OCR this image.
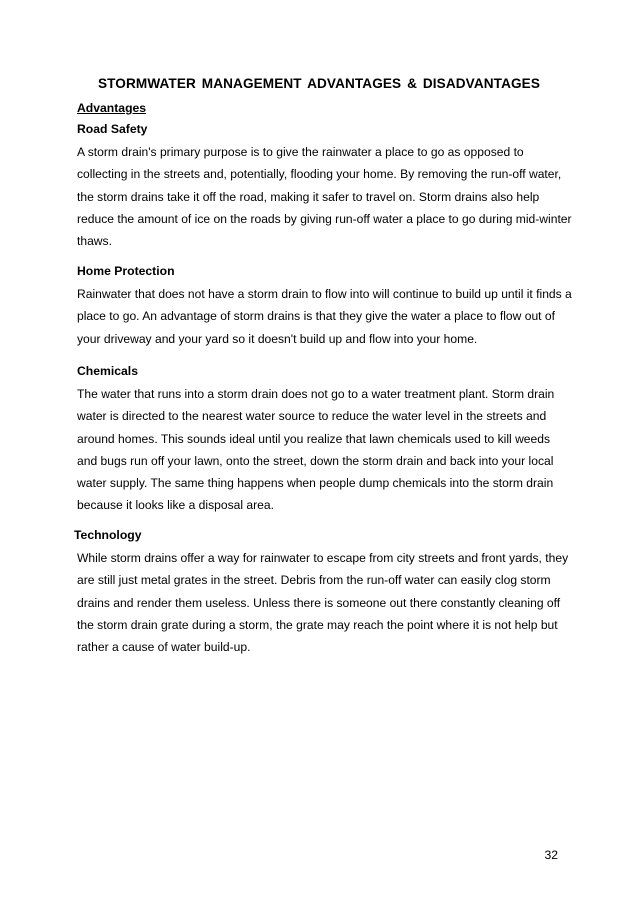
STORMWATER MANAGEMENT ADVANTAGES & DISADVANTAGES
Advantages
Road Safety
A storm drain's primary purpose is to give the rainwater a place to go as opposed to
collecting in the streets and, potentially, flooding your home. By removing the run-off water,
the storm drains take it off the road, making it safer to travel on. Storm drains also help
reduce the amount of ice on the roads by giving run-off water a place to go during mid-winter
thaws.
Home Protection
Rainwater that does not have a storm drain to flow into will continue to build up until it finds a
place to go. An advantage of storm drains is that they give the water a place to flow out of
your driveway and your yard so it doesn't build up and flow into your home.
Chemicals
The water that runs into a storm drain does not go to a water treatment plant. Storm drain
water is directed to the nearest water source to reduce the water level in the streets and
around homes. This sounds ideal until you realize that lawn chemicals used to kill weeds
and bugs run off your lawn, onto the street, down the storm drain and back into your local
water supply. The same thing happens when people dump chemicals into the storm drain
because it looks like a disposal area.
Technology
While storm drains offer a way for rainwater to escape from city streets and front yards, they
are still just metal grates in the street. Debris from the run-off water can easily clog storm
drains and render them useless. Unless there is someone out there constantly cleaning off
the storm drain grate during a storm, the grate may reach the point where it is not help but
rather a cause of water build-up.
32
